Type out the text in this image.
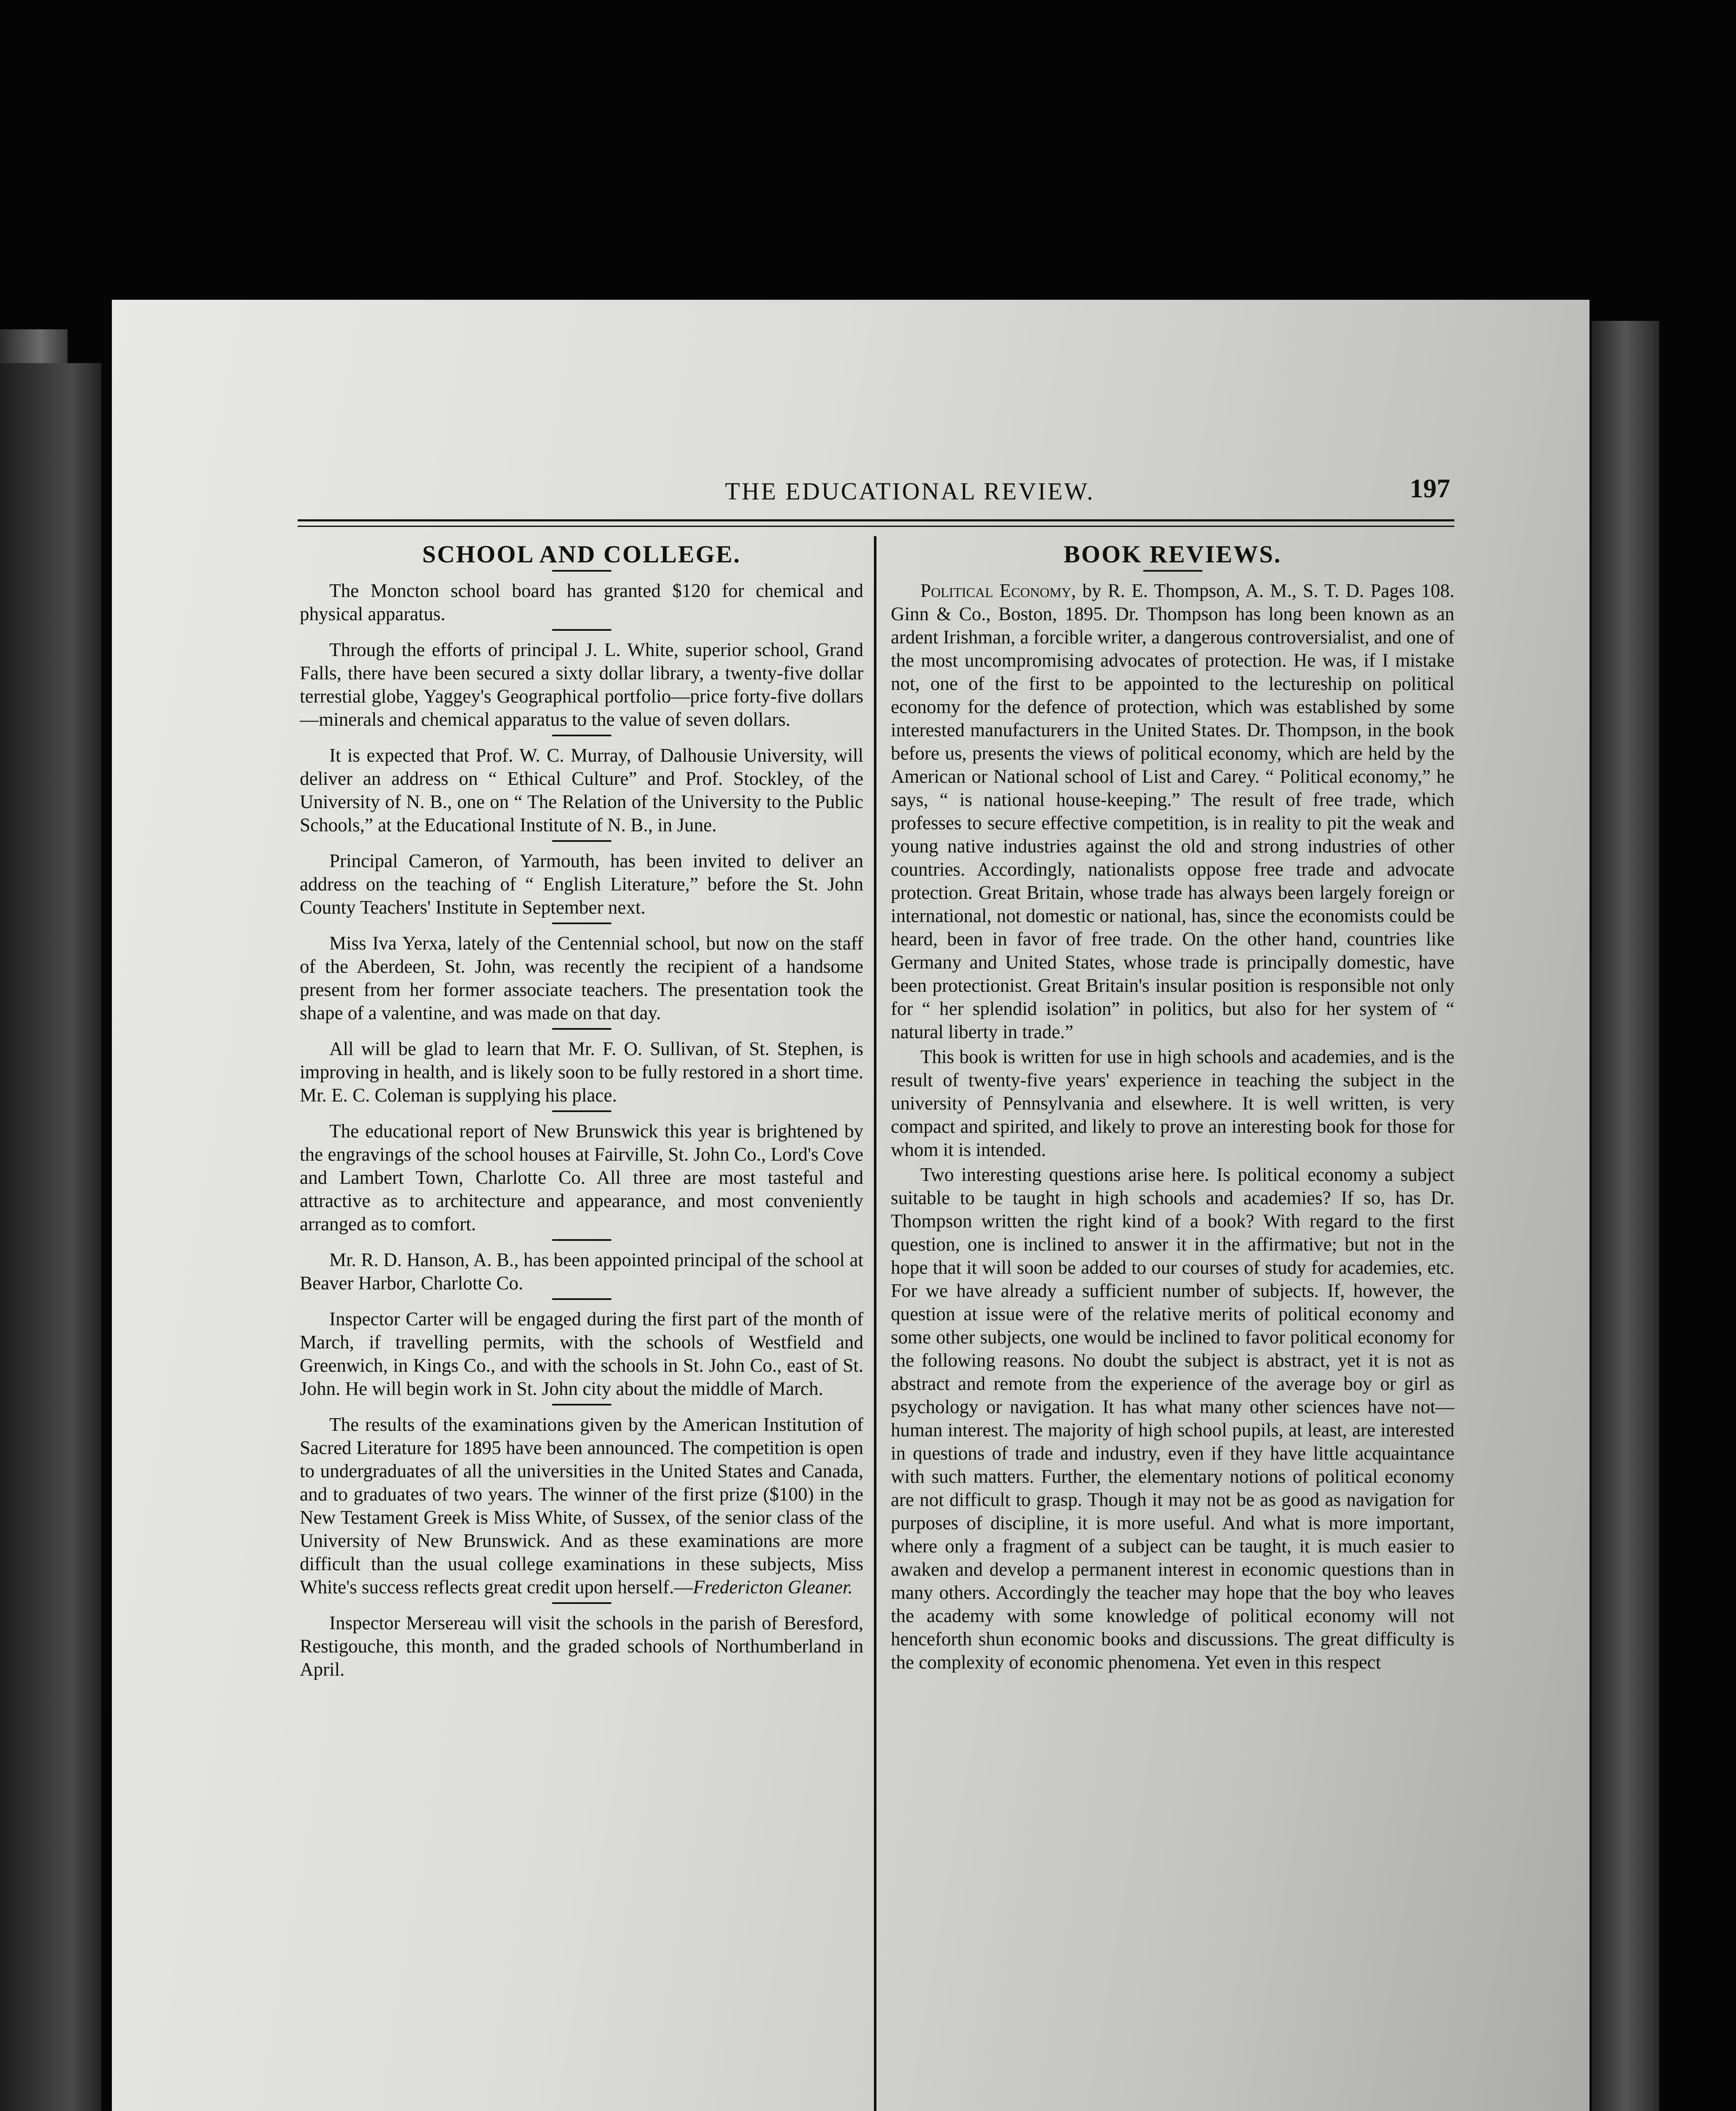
THE EDUCATIONAL REVIEW.	197
SCHOOL AND COLLEGE.

The Moncton school board has granted $120 for chemical and physical apparatus.

Through the efforts of principal J. L. White, superior school, Grand Falls, there have been secured a sixty dollar library, a twenty-five dollar terrestial globe, Yaggey's Geographical portfolio—price forty-five dollars—minerals and chemical apparatus to the value of seven dollars.

It is expected that Prof. W. C. Murray, of Dalhousie University, will deliver an address on “ Ethical Culture” and Prof. Stockley, of the University of N. B., one on “ The Relation of the University to the Public Schools,” at the Educational Institute of N. B., in June.

Principal Cameron, of Yarmouth, has been invited to deliver an address on the teaching of “ English Literature,” before the St. John County Teachers' Institute in September next.

Miss Iva Yerxa, lately of the Centennial school, but now on the staff of the Aberdeen, St. John, was recently the recipient of a handsome present from her former associate teachers. The presentation took the shape of a valentine, and was made on that day.

All will be glad to learn that Mr. F. O. Sullivan, of St. Stephen, is improving in health, and is likely soon to be fully restored in a short time. Mr. E. C. Coleman is supplying his place.

The educational report of New Brunswick this year is brightened by the engravings of the school houses at Fairville, St. John Co., Lord's Cove and Lambert Town, Charlotte Co. All three are most tasteful and attractive as to architecture and appearance, and most conveniently arranged as to comfort.

Mr. R. D. Hanson, A. B., has been appointed principal of the school at Beaver Harbor, Charlotte Co.

Inspector Carter will be engaged during the first part of the month of March, if travelling permits, with the schools of Westfield and Greenwich, in Kings Co., and with the schools in St. John Co., east of St. John. He will begin work in St. John city about the middle of March.

The results of the examinations given by the American Institution of Sacred Literature for 1895 have been announced. The competition is open to undergraduates of all the universities in the United States and Canada, and to graduates of two years. The winner of the first prize ($100) in the New Testament Greek is Miss White, of Sussex, of the senior class of the University of New Brunswick. And as these examinations are more difficult than the usual college examinations in these subjects, Miss White's success reflects great credit upon herself.—Fredericton Gleaner.

Inspector Mersereau will visit the schools in the parish of Beresford, Restigouche, this month, and the graded schools of Northumberland in April.

BOOK REVIEWS.

Political Economy, by R. E. Thompson, A. M., S. T. D. Pages 108. Ginn & Co., Boston, 1895. Dr. Thompson has long been known as an ardent Irishman, a forcible writer, a dangerous controversialist, and one of the most uncompromising advocates of protection. He was, if I mistake not, one of the first to be appointed to the lectureship on political economy for the defence of protection, which was established by some interested manufacturers in the United States. Dr. Thompson, in the book before us, presents the views of political economy, which are held by the American or National school of List and Carey. “ Political economy,” he says, “ is national house-keeping.” The result of free trade, which professes to secure effective competition, is in reality to pit the weak and young native industries against the old and strong industries of other countries. Accordingly, nationalists oppose free trade and advocate protection. Great Britain, whose trade has always been largely foreign or international, not domestic or national, has, since the economists could be heard, been in favor of free trade. On the other hand, countries like Germany and United States, whose trade is principally domestic, have been protectionist. Great Britain's insular position is responsible not only for “ her splendid isolation” in politics, but also for her system of “ natural liberty in trade.”

This book is written for use in high schools and academies, and is the result of twenty-five years' experience in teaching the subject in the university of Pennsylvania and elsewhere. It is well written, is very compact and spirited, and likely to prove an interesting book for those for whom it is intended.

Two interesting questions arise here. Is political economy a subject suitable to be taught in high schools and academies? If so, has Dr. Thompson written the right kind of a book? With regard to the first question, one is inclined to answer it in the affirmative; but not in the hope that it will soon be added to our courses of study for academies, etc. For we have already a sufficient number of subjects. If, however, the question at issue were of the relative merits of political economy and some other subjects, one would be inclined to favor political economy for the following reasons. No doubt the subject is abstract, yet it is not as abstract and remote from the experience of the average boy or girl as psychology or navigation. It has what many other sciences have not—human interest. The majority of high school pupils, at least, are interested in questions of trade and industry, even if they have little acquaintance with such matters. Further, the elementary notions of political economy are not difficult to grasp. Though it may not be as good as navigation for purposes of discipline, it is more useful. And what is more important, where only a fragment of a subject can be taught, it is much easier to awaken and develop a permanent interest in economic questions than in many others. Accordingly the teacher may hope that the boy who leaves the academy with some knowledge of political economy will not henceforth shun economic books and discussions. The great difficulty is the complexity of economic phenomena. Yet even in this respect
